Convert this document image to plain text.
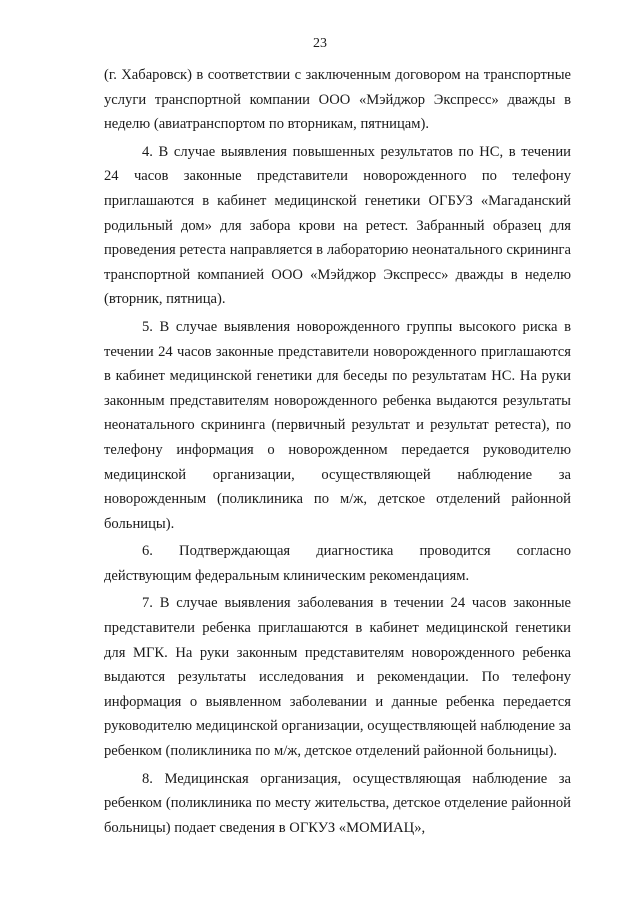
23

(г. Хабаровск) в соответствии с заключенным договором на транспортные услуги транспортной компании ООО «Мэйджор Экспресс» дважды в неделю (авиатранспортом по вторникам, пятницам).

4. В случае выявления повышенных результатов по НС, в течении 24 часов законные представители новорожденного по телефону приглашаются в кабинет медицинской генетики ОГБУЗ «Магаданский родильный дом» для забора крови на ретест. Забранный образец для проведения ретеста направляется в лабораторию неонатального скрининга транспортной компанией ООО «Мэйджор Экспресс» дважды в неделю (вторник, пятница).

5. В случае выявления новорожденного группы высокого риска в течении 24 часов законные представители новорожденного приглашаются в кабинет медицинской генетики для беседы по результатам НС. На руки законным представителям новорожденного ребенка выдаются результаты неонатального скрининга (первичный результат и результат ретеста), по телефону информация о новорожденном передается руководителю медицинской организации, осуществляющей наблюдение за новорожденным (поликлиника по м/ж, детское отделений районной больницы).

6. Подтверждающая диагностика проводится согласно действующим федеральным клиническим рекомендациям.

7. В случае выявления заболевания в течении 24 часов законные представители ребенка приглашаются в кабинет медицинской генетики для МГК. На руки законным представителям новорожденного ребенка выдаются результаты исследования и рекомендации. По телефону информация о выявленном заболевании и данные ребенка передается руководителю медицинской организации, осуществляющей наблюдение за ребенком (поликлиника по м/ж, детское отделений районной больницы).

8. Медицинская организация, осуществляющая наблюдение за ребенком (поликлиника по месту жительства, детское отделение районной больницы) подает сведения в ОГКУЗ «МОМИАЦ»,
